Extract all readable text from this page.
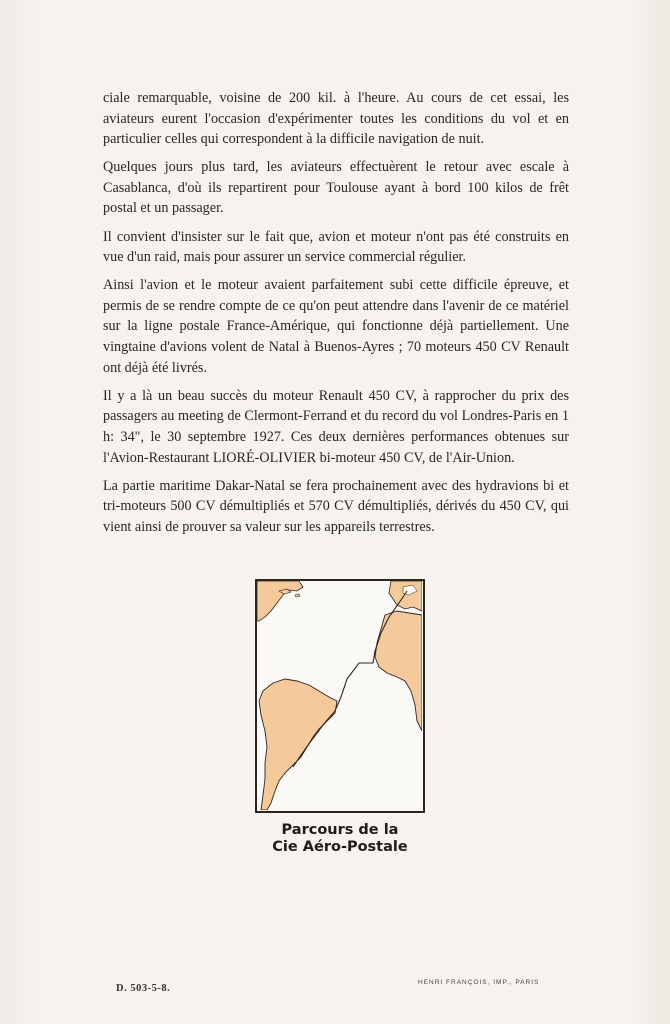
ciale remarquable, voisine de 200 kil. à l'heure. Au cours de cet essai, les aviateurs eurent l'occasion d'expérimenter toutes les conditions du vol et en particulier celles qui correspondent à la difficile navigation de nuit.

Quelques jours plus tard, les aviateurs effectuèrent le retour avec escale à Casablanca, d'où ils repartirent pour Toulouse ayant à bord 100 kilos de frêt postal et un passager.

Il convient d'insister sur le fait que, avion et moteur n'ont pas été construits en vue d'un raid, mais pour assurer un service commercial régulier.

Ainsi l'avion et le moteur avaient parfaitement subi cette difficile épreuve, et permis de se rendre compte de ce qu'on peut attendre dans l'avenir de ce matériel sur la ligne postale France-Amérique, qui fonctionne déjà partiellement. Une vingtaine d'avions volent de Natal à Buenos-Ayres ; 70 moteurs 450 CV Renault ont déjà été livrés.

Il y a là un beau succès du moteur Renault 450 CV, à rapprocher du prix des passagers au meeting de Clermont-Ferrand et du record du vol Londres-Paris en 1 h: 34", le 30 septembre 1927. Ces deux dernières performances obtenues sur l'Avion-Restaurant LIORÉ-OLIVIER bi-moteur 450 CV, de l'Air-Union.

La partie maritime Dakar-Natal se fera prochainement avec des hydravions bi et tri-moteurs 500 CV démultipliés et 570 CV démultipliés, dérivés du 450 CV, qui vient ainsi de prouver sa valeur sur les appareils terrestres.

Parcours de la
Cie Aéro-Postale
D. 503-5-8.
HENRI FRANÇOIS, IMP., PARIS
